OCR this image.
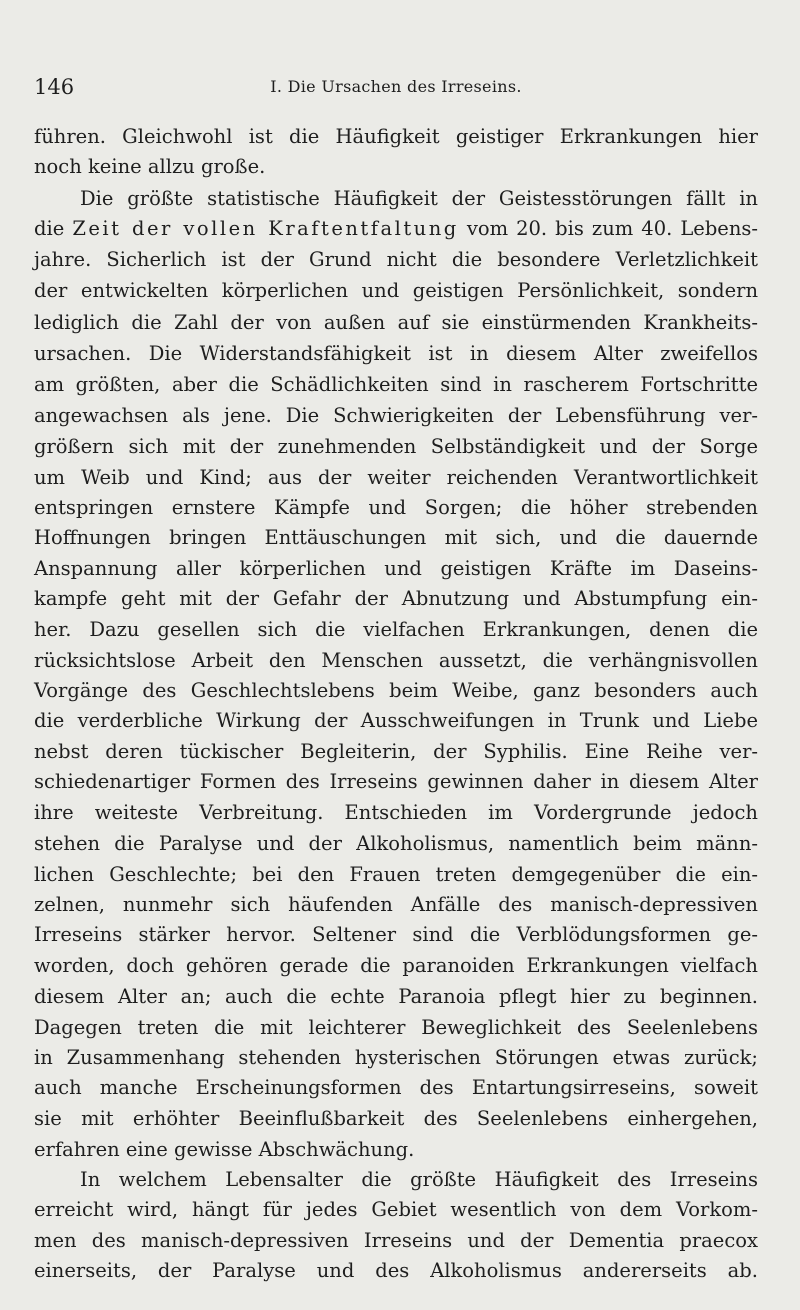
146	I. Die Ursachen des Irreseins.
führen. Gleichwohl ist die Häufigkeit geistiger Erkrankungen hier
noch keine allzu große.
Die größte statistische Häufigkeit der Geistesstörungen fällt in
die Zeit der vollen Kraftentfaltung vom 20. bis zum 40. Lebens-
jahre. Sicherlich ist der Grund nicht die besondere Verletzlichkeit
der entwickelten körperlichen und geistigen Persönlichkeit, sondern
lediglich die Zahl der von außen auf sie einstürmenden Krankheits-
ursachen. Die Widerstandsfähigkeit ist in diesem Alter zweifellos
am größten, aber die Schädlichkeiten sind in rascherem Fortschritte
angewachsen als jene. Die Schwierigkeiten der Lebensführung ver-
größern sich mit der zunehmenden Selbständigkeit und der Sorge
um Weib und Kind; aus der weiter reichenden Verantwortlichkeit
entspringen ernstere Kämpfe und Sorgen; die höher strebenden
Hoffnungen bringen Enttäuschungen mit sich, und die dauernde
Anspannung aller körperlichen und geistigen Kräfte im Daseins-
kampfe geht mit der Gefahr der Abnutzung und Abstumpfung ein-
her. Dazu gesellen sich die vielfachen Erkrankungen, denen die
rücksichtslose Arbeit den Menschen aussetzt, die verhängnisvollen
Vorgänge des Geschlechtslebens beim Weibe, ganz besonders auch
die verderbliche Wirkung der Ausschweifungen in Trunk und Liebe
nebst deren tückischer Begleiterin, der Syphilis. Eine Reihe ver-
schiedenartiger Formen des Irreseins gewinnen daher in diesem Alter
ihre weiteste Verbreitung. Entschieden im Vordergrunde jedoch
stehen die Paralyse und der Alkoholismus, namentlich beim männ-
lichen Geschlechte; bei den Frauen treten demgegenüber die ein-
zelnen, nunmehr sich häufenden Anfälle des manisch-depressiven
Irreseins stärker hervor. Seltener sind die Verblödungsformen ge-
worden, doch gehören gerade die paranoiden Erkrankungen vielfach
diesem Alter an; auch die echte Paranoia pflegt hier zu beginnen.
Dagegen treten die mit leichterer Beweglichkeit des Seelenlebens
in Zusammenhang stehenden hysterischen Störungen etwas zurück;
auch manche Erscheinungsformen des Entartungsirreseins, soweit
sie mit erhöhter Beeinflußbarkeit des Seelenlebens einhergehen,
erfahren eine gewisse Abschwächung.
In welchem Lebensalter die größte Häufigkeit des Irreseins
erreicht wird, hängt für jedes Gebiet wesentlich von dem Vorkom-
men des manisch-depressiven Irreseins und der Dementia praecox
einerseits, der Paralyse und des Alkoholismus andererseits ab.
